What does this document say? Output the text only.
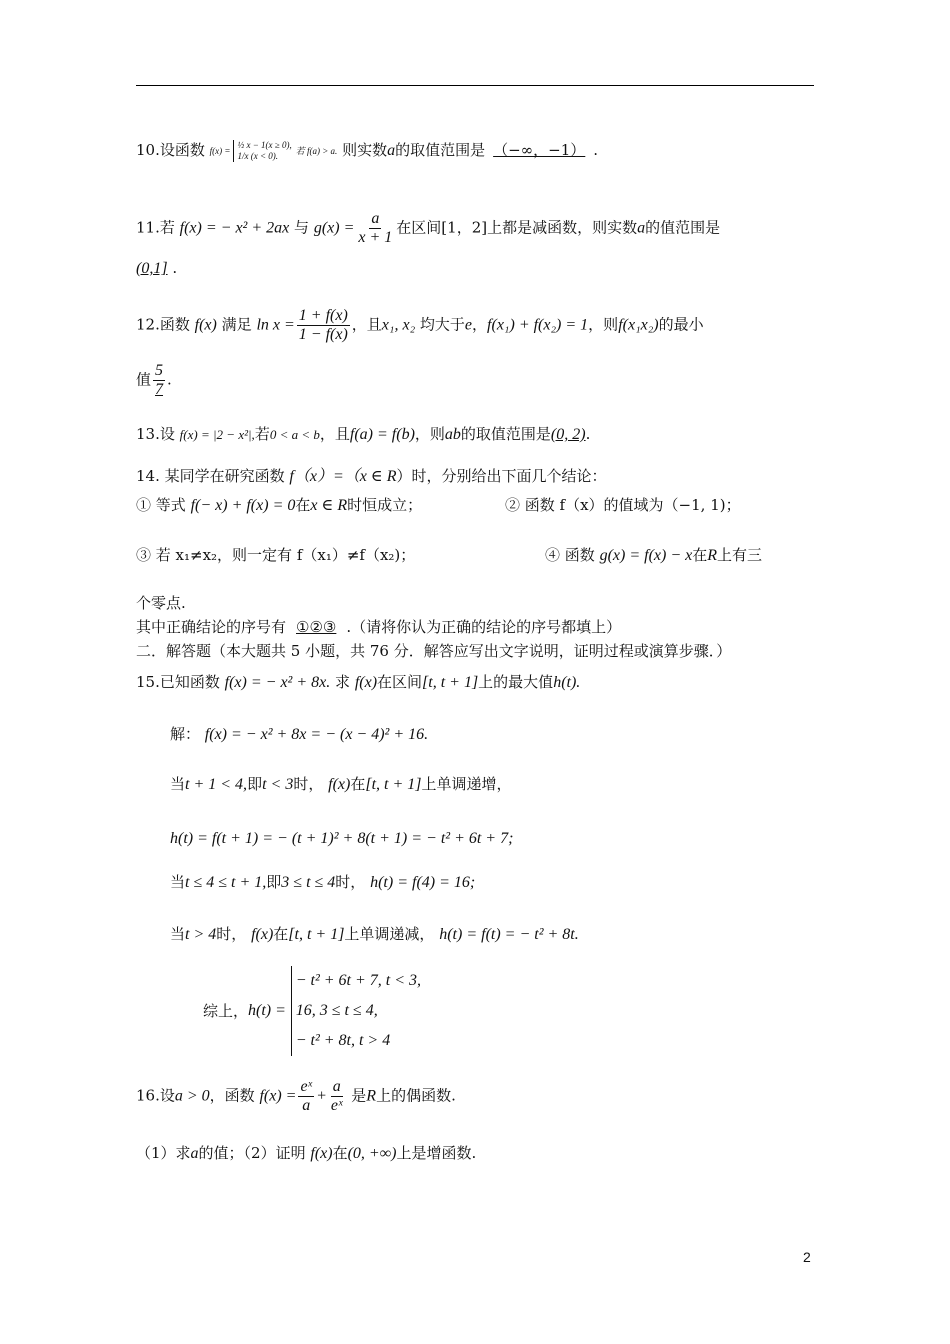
10.设函数 f(x) =
½ x − 1(x ≥ 0),
1/x (x < 0).
若 f(a) > a. 则实数a的取值范围是 （−∞，−1） .
11.若 f(x) = − x² + 2ax 与 $g(x) = \frac{a}{x + 1}$ 在区间[1，2]上都是减函数，则实数a的值范围是
(0,1] .
12.函数 f(x) 满足 $\ln x = \frac{1 + f(x)}{1 - f(x)}$ ，且x₁, x₂ 均大于e，f(x₁) + f(x₂) = 1，则f(x₁x₂)的最小
值 $\frac{5}{7}$ .
13.设 f(x) = |2 − x²|,若0 < a < b，且f(a) = f(b)，则ab的取值范围是(0, 2).
14. 某同学在研究函数 f（x）=（x ∈ R）时，分别给出下面几个结论：
① 等式 f(− x) + f(x) = 0在x ∈ R时恒成立；	② 函数 f（x）的值域为（−1, 1)；
③ 若 x₁≠x₂，则一定有 f（x₁）≠f（x₂)；	④ 函数 g(x) = f(x) − x在R上有三
个零点.
其中正确结论的序号有 ①②③ .（请将你认为正确的结论的序号都填上）
二．解答题（本大题共 5 小题，共 76 分．解答应写出文字说明，证明过程或演算步骤．）
15.已知函数 f(x) = − x² + 8x. 求 f(x)在区间[t, t + 1]上的最大值h(t).
解： f(x) = − x² + 8x = − (x − 4)² + 16.
当t + 1 < 4,即t < 3时， f(x)在[t, t + 1]上单调递增，
h(t) = f(t + 1) = − (t + 1)² + 8(t + 1) = − t² + 6t + 7;
当t ≤ 4 ≤ t + 1,即3 ≤ t ≤ 4时， h(t) = f(4) = 16;
当t > 4时， f(x)在[t, t + 1]上单调递减， h(t) = f(t) = − t² + 8t.
综上，h(t) =
− t² + 6t + 7, t < 3,
16, 3 ≤ t ≤ 4,
− t² + 8t, t > 4
16.设a > 0，函数 $f(x) = \frac{\text{eˣ}}{a} + \frac{a}{\text{eˣ}}$ 是R上的偶函数.
（1）求a的值；（2）证明 f(x)在(0, +∞)上是增函数.
2
